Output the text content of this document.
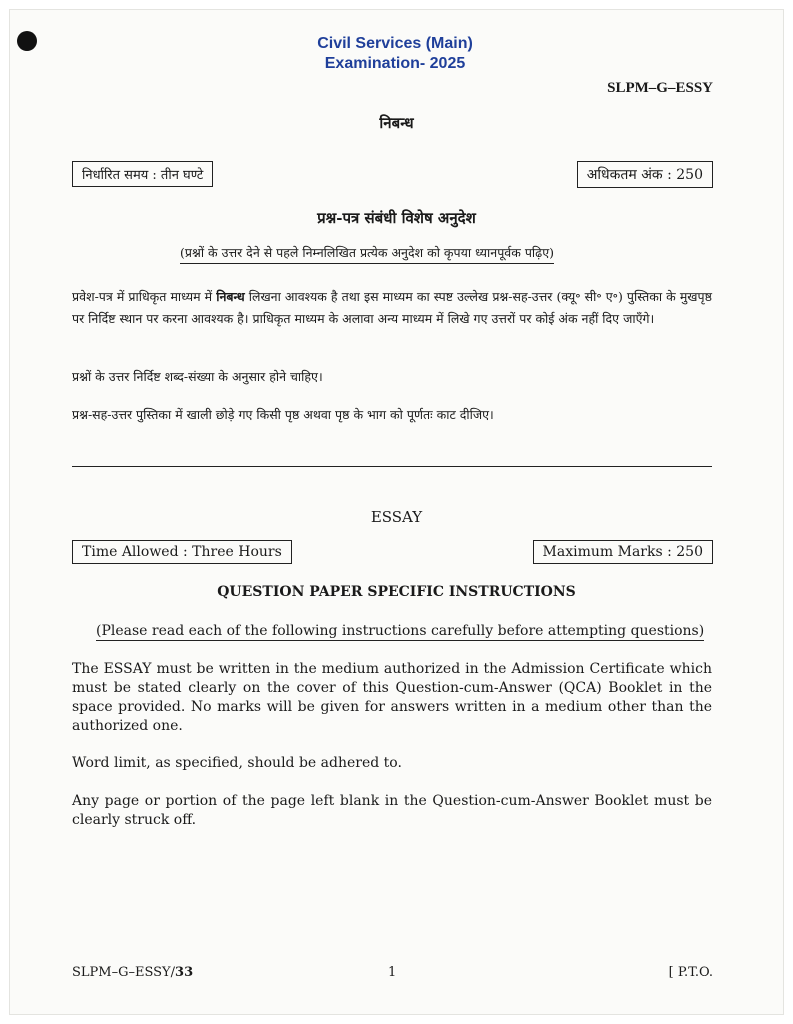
Civil Services (Main)
Examination- 2025
SLPM–G–ESSY
निबन्ध
निर्धारित समय : तीन घण्टे	अधिकतम अंक : 250
प्रश्न-पत्र संबंधी विशेष अनुदेश
(प्रश्नों के उत्तर देने से पहले निम्नलिखित प्रत्येक अनुदेश को कृपया ध्यानपूर्वक पढ़िए)
प्रवेश-पत्र में प्राधिकृत माध्यम में निबन्ध लिखना आवश्यक है तथा इस माध्यम का स्पष्ट उल्लेख प्रश्न-सह-उत्तर (क्यू॰ सी॰ ए॰) पुस्तिका के मुखपृष्ठ पर निर्दिष्ट स्थान पर करना आवश्यक है। प्राधिकृत माध्यम के अलावा अन्य माध्यम में लिखे गए उत्तरों पर कोई अंक नहीं दिए जाएँगे।
प्रश्नों के उत्तर निर्दिष्ट शब्द-संख्या के अनुसार होने चाहिए।
प्रश्न-सह-उत्तर पुस्तिका में खाली छोड़े गए किसी पृष्ठ अथवा पृष्ठ के भाग को पूर्णतः काट दीजिए।
ESSAY
Time Allowed : Three Hours	Maximum Marks : 250
QUESTION PAPER SPECIFIC INSTRUCTIONS
(Please read each of the following instructions carefully before attempting questions)
The ESSAY must be written in the medium authorized in the Admission Certificate which must be stated clearly on the cover of this Question-cum-Answer (QCA) Booklet in the space provided. No marks will be given for answers written in a medium other than the authorized one.
Word limit, as specified, should be adhered to.
Any page or portion of the page left blank in the Question-cum-Answer Booklet must be clearly struck off.
SLPM–G–ESSY/33	1	[ P.T.O.
